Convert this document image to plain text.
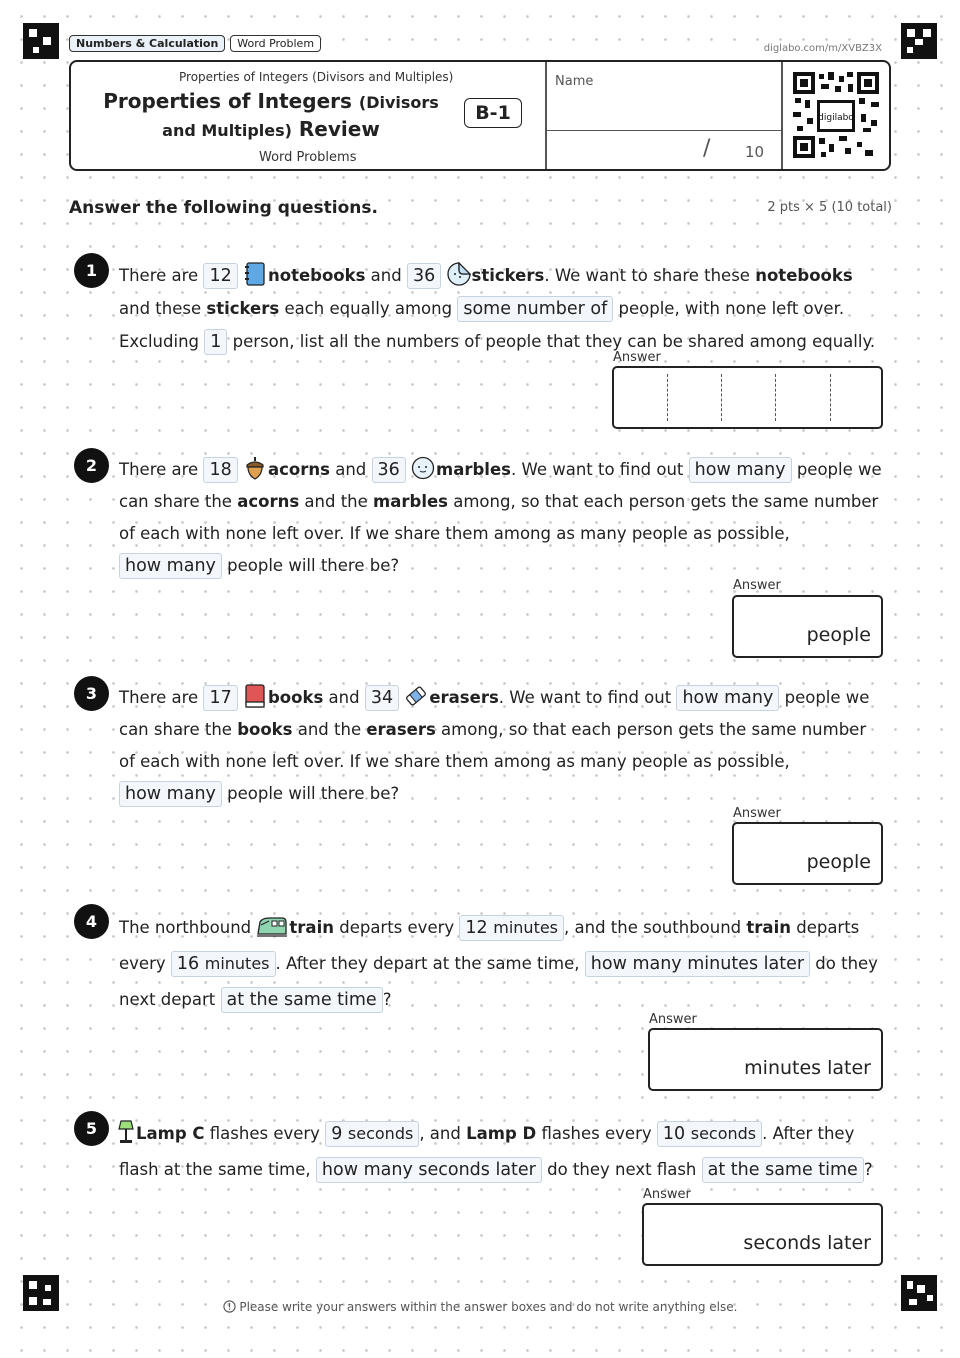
Numbers & Calculation	Word Problem	diglabo.com/m/XVBZ3X
Properties of Integers (Divisors and Multiples)
Properties of Integers (Divisors and Multiples) Review
Word Problems
B-1
Name
/ 10
digilabo
Answer the following questions.	2 pts × 5 (10 total)
1	There are 12 notebooks and 36 stickers. We want to share these notebooks and these stickers each equally among some number of people, with none left over. Excluding 1 person, list all the numbers of people that they can be shared among equally.
Answer
2	There are 18 acorns and 36 marbles. We want to find out how many people we can share the acorns and the marbles among, so that each person gets the same number of each with none left over. If we share them among as many people as possible, how many people will there be?
Answer
people
3	There are 17 books and 34 erasers. We want to find out how many people we can share the books and the erasers among, so that each person gets the same number of each with none left over. If we share them among as many people as possible, how many people will there be?
Answer
people
4	The northbound train departs every 12 minutes , and the southbound train departs every 16 minutes . After they depart at the same time, how many minutes later do they next depart at the same time ?
Answer
minutes later
5	Lamp C flashes every 9 seconds , and Lamp D flashes every 10 seconds . After they flash at the same time, how many seconds later do they next flash at the same time ?
Answer
seconds later
Please write your answers within the answer boxes and do not write anything else.
